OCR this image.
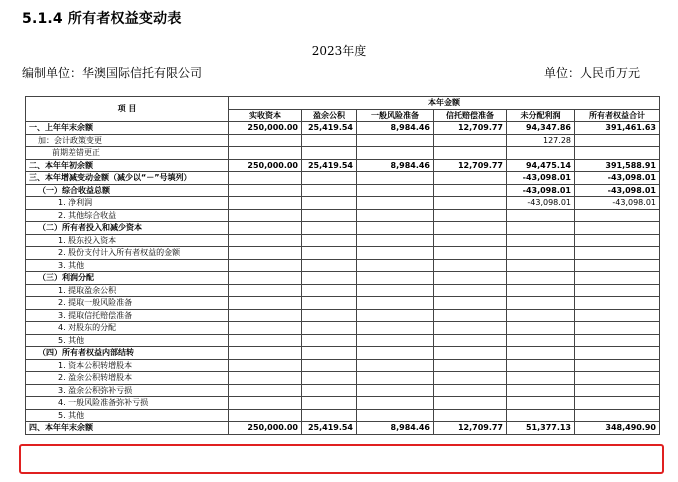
5.1.4 所有者权益变动表
2023年度
编制单位：华澳国际信托有限公司	单位：人民币万元
项 目	本年金额					
	实收资本	盈余公积	一般风险准备	信托赔偿准备	未分配利润	所有者权益合计
一、上年年末余额	250,000.00	25,419.54	8,984.46	12,709.77	94,347.86	391,461.63
加：会计政策变更					127.28	
前期差错更正						
二、本年年初余额	250,000.00	25,419.54	8,984.46	12,709.77	94,475.14	391,588.91
三、本年增减变动金额（减少以“－”号填列）					-43,098.01	-43,098.01
（一）综合收益总额					-43,098.01	-43,098.01
1. 净利润					-43,098.01	-43,098.01
2. 其他综合收益						
（二）所有者投入和减少资本						
1. 股东投入资本						
2. 股份支付计入所有者权益的金额						
3. 其他						
（三）利润分配						
1. 提取盈余公积						
2. 提取一般风险准备						
3. 提取信托赔偿准备						
4. 对股东的分配						
5. 其他						
（四）所有者权益内部结转						
1. 资本公积转增股本						
2. 盈余公积转增股本						
3. 盈余公积弥补亏损						
4. 一般风险准备弥补亏损						
5. 其他						
四、本年年末余额	250,000.00	25,419.54	8,984.46	12,709.77	51,377.13	348,490.90
